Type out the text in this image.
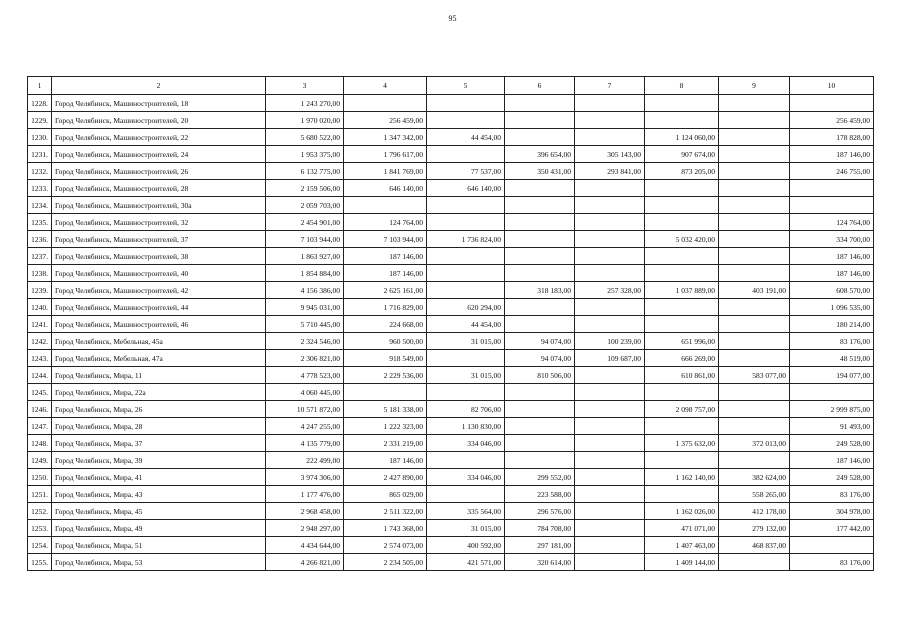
95
1	2	3	4	5	6	7	8	9	10
1228.	Город Челябинск, Машиностроителей, 18	1 243 270,00							
1229.	Город Челябинск, Машиностроителей, 20	1 970 020,00	256 459,00						256 459,00
1230.	Город Челябинск, Машиностроителей, 22	5 680 522,00	1 347 342,00	44 454,00			1 124 060,00		178 828,00
1231.	Город Челябинск, Машиностроителей, 24	1 953 375,00	1 796 617,00		396 654,00	305 143,00	907 674,00		187 146,00
1232.	Город Челябинск, Машиностроителей, 26	6 132 775,00	1 841 769,00	77 537,00	350 431,00	293 841,00	873 205,00		246 755,00
1233.	Город Челябинск, Машиностроителей, 28	2 159 506,00	646 140,00	646 140,00					
1234.	Город Челябинск, Машиностроителей, 30а	2 059 703,00							
1235.	Город Челябинск, Машиностроителей, 32	2 454 901,00	124 764,00						124 764,00
1236.	Город Челябинск, Машиностроителей, 37	7 103 944,00	7 103 944,00	1 736 824,00			5 032 420,00		334 700,00
1237.	Город Челябинск, Машиностроителей, 38	1 863 927,00	187 146,00						187 146,00
1238.	Город Челябинск, Машиностроителей, 40	1 854 884,00	187 146,00						187 146,00
1239.	Город Челябинск, Машиностроителей, 42	4 156 386,00	2 625 161,00		318 183,00	257 328,00	1 037 889,00	403 191,00	608 570,00
1240.	Город Челябинск, Машиностроителей, 44	9 945 031,00	1 716 829,00	620 294,00					1 096 535,00
1241.	Город Челябинск, Машиностроителей, 46	5 710 445,00	224 668,00	44 454,00					180 214,00
1242.	Город Челябинск, Мебельная, 45а	2 324 546,00	960 500,00	31 015,00	94 074,00	100 239,00	651 996,00		83 176,00
1243.	Город Челябинск, Мебельная, 47а	2 306 821,00	918 549,00		94 074,00	109 687,00	666 269,00		48 519,00
1244.	Город Челябинск, Мира, 11	4 778 523,00	2 229 536,00	31 015,00	810 506,00		610 861,00	583 077,00	194 077,00
1245.	Город Челябинск, Мира, 22а	4 060 445,00							
1246.	Город Челябинск, Мира, 26	10 571 872,00	5 181 338,00	82 706,00			2 098 757,00		2 999 875,00
1247.	Город Челябинск, Мира, 28	4 247 255,00	1 222 323,00	1 130 830,00					91 493,00
1248.	Город Челябинск, Мира, 37	4 135 779,00	2 331 219,00	334 046,00			1 375 632,00	372 013,00	249 528,00
1249.	Город Челябинск, Мира, 39	222 499,00	187 146,00						187 146,00
1250.	Город Челябинск, Мира, 41	3 974 306,00	2 427 890,00	334 046,00	299 552,00		1 162 140,00	382 624,00	249 528,00
1251.	Город Челябинск, Мира, 43	1 177 476,00	865 029,00		223 588,00			558 265,00	83 176,00
1252.	Город Челябинск, Мира, 45	2 968 458,00	2 511 322,00	335 564,00	296 576,00		1 162 026,00	412 178,00	304 978,00
1253.	Город Челябинск, Мира, 49	2 948 297,00	1 743 368,00	31 015,00	784 708,00		471 071,00	279 132,00	177 442,00
1254.	Город Челябинск, Мира, 51	4 434 644,00	2 574 073,00	400 592,00	297 181,00		1 407 463,00	468 837,00	
1255.	Город Челябинск, Мира, 53	4 266 821,00	2 234 505,00	421 571,00	320 614,00		1 409 144,00		83 176,00
